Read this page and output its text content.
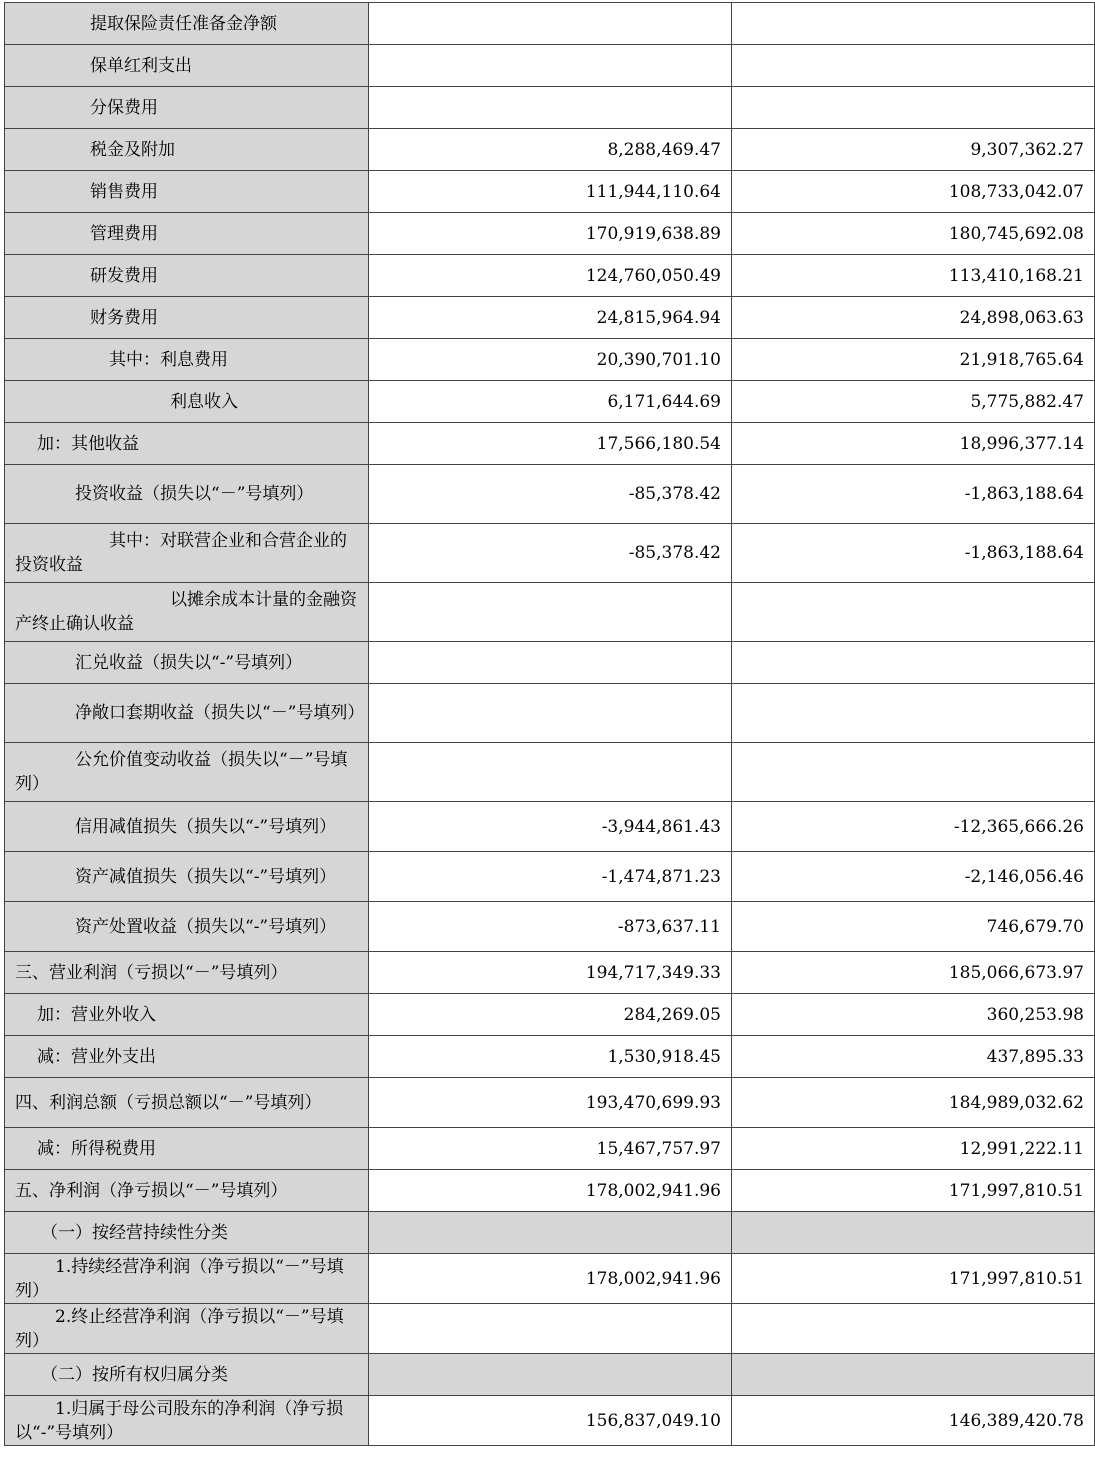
提取保险责任准备金净额		
保单红利支出		
分保费用		
税金及附加	8,288,469.47	9,307,362.27
销售费用	111,944,110.64	108,733,042.07
管理费用	170,919,638.89	180,745,692.08
研发费用	124,760,050.49	113,410,168.21
财务费用	24,815,964.94	24,898,063.63
其中：利息费用	20,390,701.10	21,918,765.64
利息收入	6,171,644.69	5,775,882.47
加：其他收益	17,566,180.54	18,996,377.14
投资收益（损失以“－”号填列）	-85,378.42	-1,863,188.64
其中：对联营企业和合营企业的投资收益	-85,378.42	-1,863,188.64
以摊余成本计量的金融资产终止确认收益		
汇兑收益（损失以“-”号填列）		
净敞口套期收益（损失以“－”号填列）		
公允价值变动收益（损失以“－”号填列）		
信用减值损失（损失以“-”号填列）	-3,944,861.43	-12,365,666.26
资产减值损失（损失以“-”号填列）	-1,474,871.23	-2,146,056.46
资产处置收益（损失以“-”号填列）	-873,637.11	746,679.70
三、营业利润（亏损以“－”号填列）	194,717,349.33	185,066,673.97
加：营业外收入	284,269.05	360,253.98
减：营业外支出	1,530,918.45	437,895.33
四、利润总额（亏损总额以“－”号填列）	193,470,699.93	184,989,032.62
减：所得税费用	15,467,757.97	12,991,222.11
五、净利润（净亏损以“－”号填列）	178,002,941.96	171,997,810.51
（一）按经营持续性分类		
1.持续经营净利润（净亏损以“－”号填列）	178,002,941.96	171,997,810.51
2.终止经营净利润（净亏损以“－”号填列）		
（二）按所有权归属分类		
1.归属于母公司股东的净利润（净亏损以“-”号填列）	156,837,049.10	146,389,420.78
